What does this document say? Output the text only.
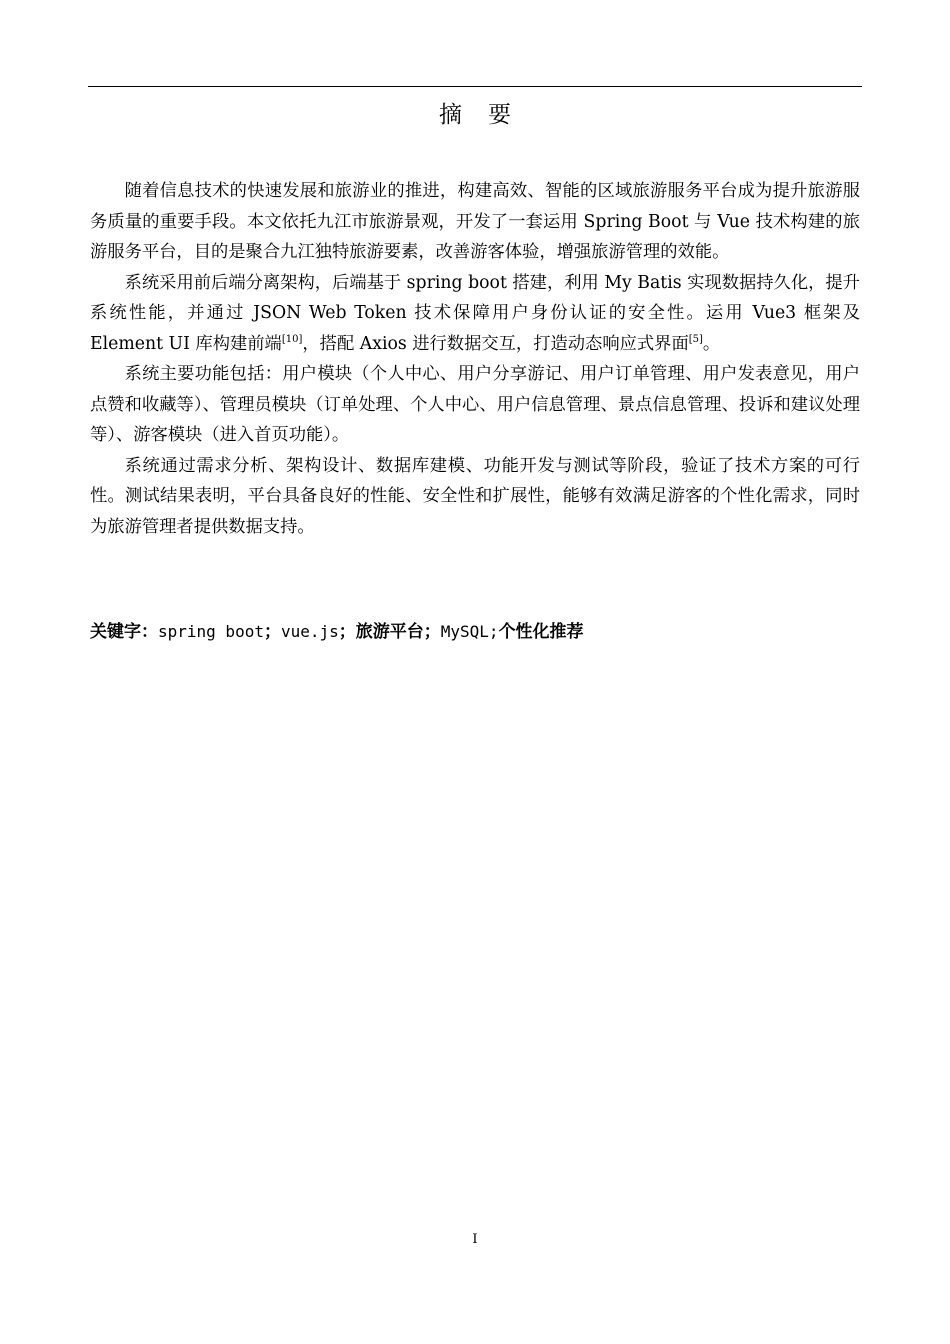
摘 要

随着信息技术的快速发展和旅游业的推进，构建高效、智能的区域旅游服务平台成为提升旅游服务质量的重要手段。本文依托九江市旅游景观，开发了一套运用 Spring Boot 与 Vue 技术构建的旅游服务平台，目的是聚合九江独特旅游要素，改善游客体验，增强旅游管理的效能。

系统采用前后端分离架构，后端基于 spring boot 搭建，利用 My Batis 实现数据持久化，提升系统性能，并通过 JSON Web Token 技术保障用户身份认证的安全性。运用 Vue3 框架及 Element UI 库构建前端[10]，搭配 Axios 进行数据交互，打造动态响应式界面[5]。

系统主要功能包括：用户模块（个人中心、用户分享游记、用户订单管理、用户发表意见，用户点赞和收藏等）、管理员模块（订单处理、个人中心、用户信息管理、景点信息管理、投诉和建议处理等）、游客模块（进入首页功能）。

系统通过需求分析、架构设计、数据库建模、功能开发与测试等阶段，验证了技术方案的可行性。测试结果表明，平台具备良好的性能、安全性和扩展性，能够有效满足游客的个性化需求，同时为旅游管理者提供数据支持。

关键字：spring boot；vue.js；旅游平台；MySQL;个性化推荐
I
